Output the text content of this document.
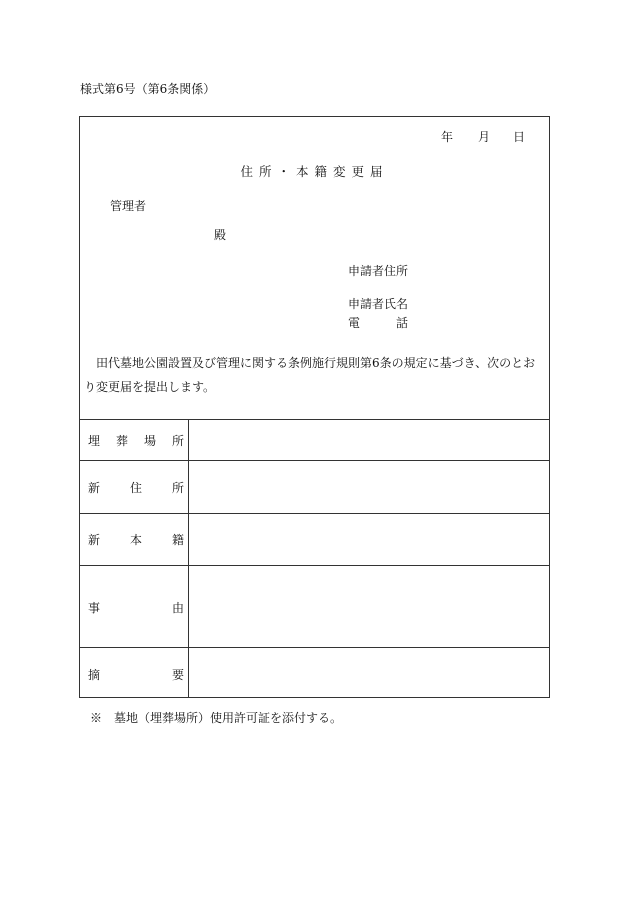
様式第6号（第6条関係）
年 月 日
住所・本籍変更届
管理者
殿
申請者住所
申請者氏名
電	話
田代墓地公園設置及び管理に関する条例施行規則第6条の規定に基づき、次のとおり変更届を提出します。
埋 葬 場 所
新 住 所
新 本 籍
事	由
摘	要
※　墓地（埋葬場所）使用許可証を添付する。
